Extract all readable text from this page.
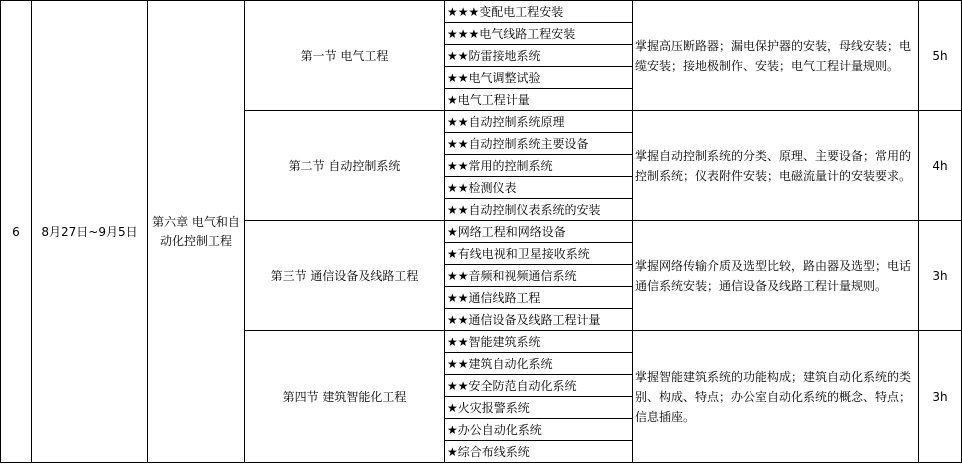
6	8月27日~9月5日	第六章 电气和自动化控制工程	第一节 电气工程	★★★变配电工程安装	掌握高压断路器；漏电保护器的安装，母线安装；电缆安装；接地极制作、安装；电气工程计量规则。	5h
				★★★电气线路工程安装		
				★★防雷接地系统		
				★★电气调整试验		
				★电气工程计量		
			第二节 自动控制系统	★★自动控制系统原理	掌握自动控制系统的分类、原理、主要设备；常用的控制系统；仪表附件安装；电磁流量计的安装要求。	4h
				★★自动控制系统主要设备		
				★★常用的控制系统		
				★★检测仪表		
				★★自动控制仪表系统的安装		
			第三节 通信设备及线路工程	★网络工程和网络设备	掌握网络传输介质及选型比较，路由器及选型；电话通信系统安装；通信设备及线路工程计量规则。	3h
				★有线电视和卫星接收系统		
				★★音频和视频通信系统		
				★★通信线路工程		
				★★通信设备及线路工程计量		
			第四节 建筑智能化工程	★★智能建筑系统	掌握智能建筑系统的功能构成；建筑自动化系统的类别、构成、特点；办公室自动化系统的概念、特点；信息插座。	3h
				★★建筑自动化系统		
				★★安全防范自动化系统		
				★火灾报警系统		
				★办公自动化系统		
				★综合布线系统		
